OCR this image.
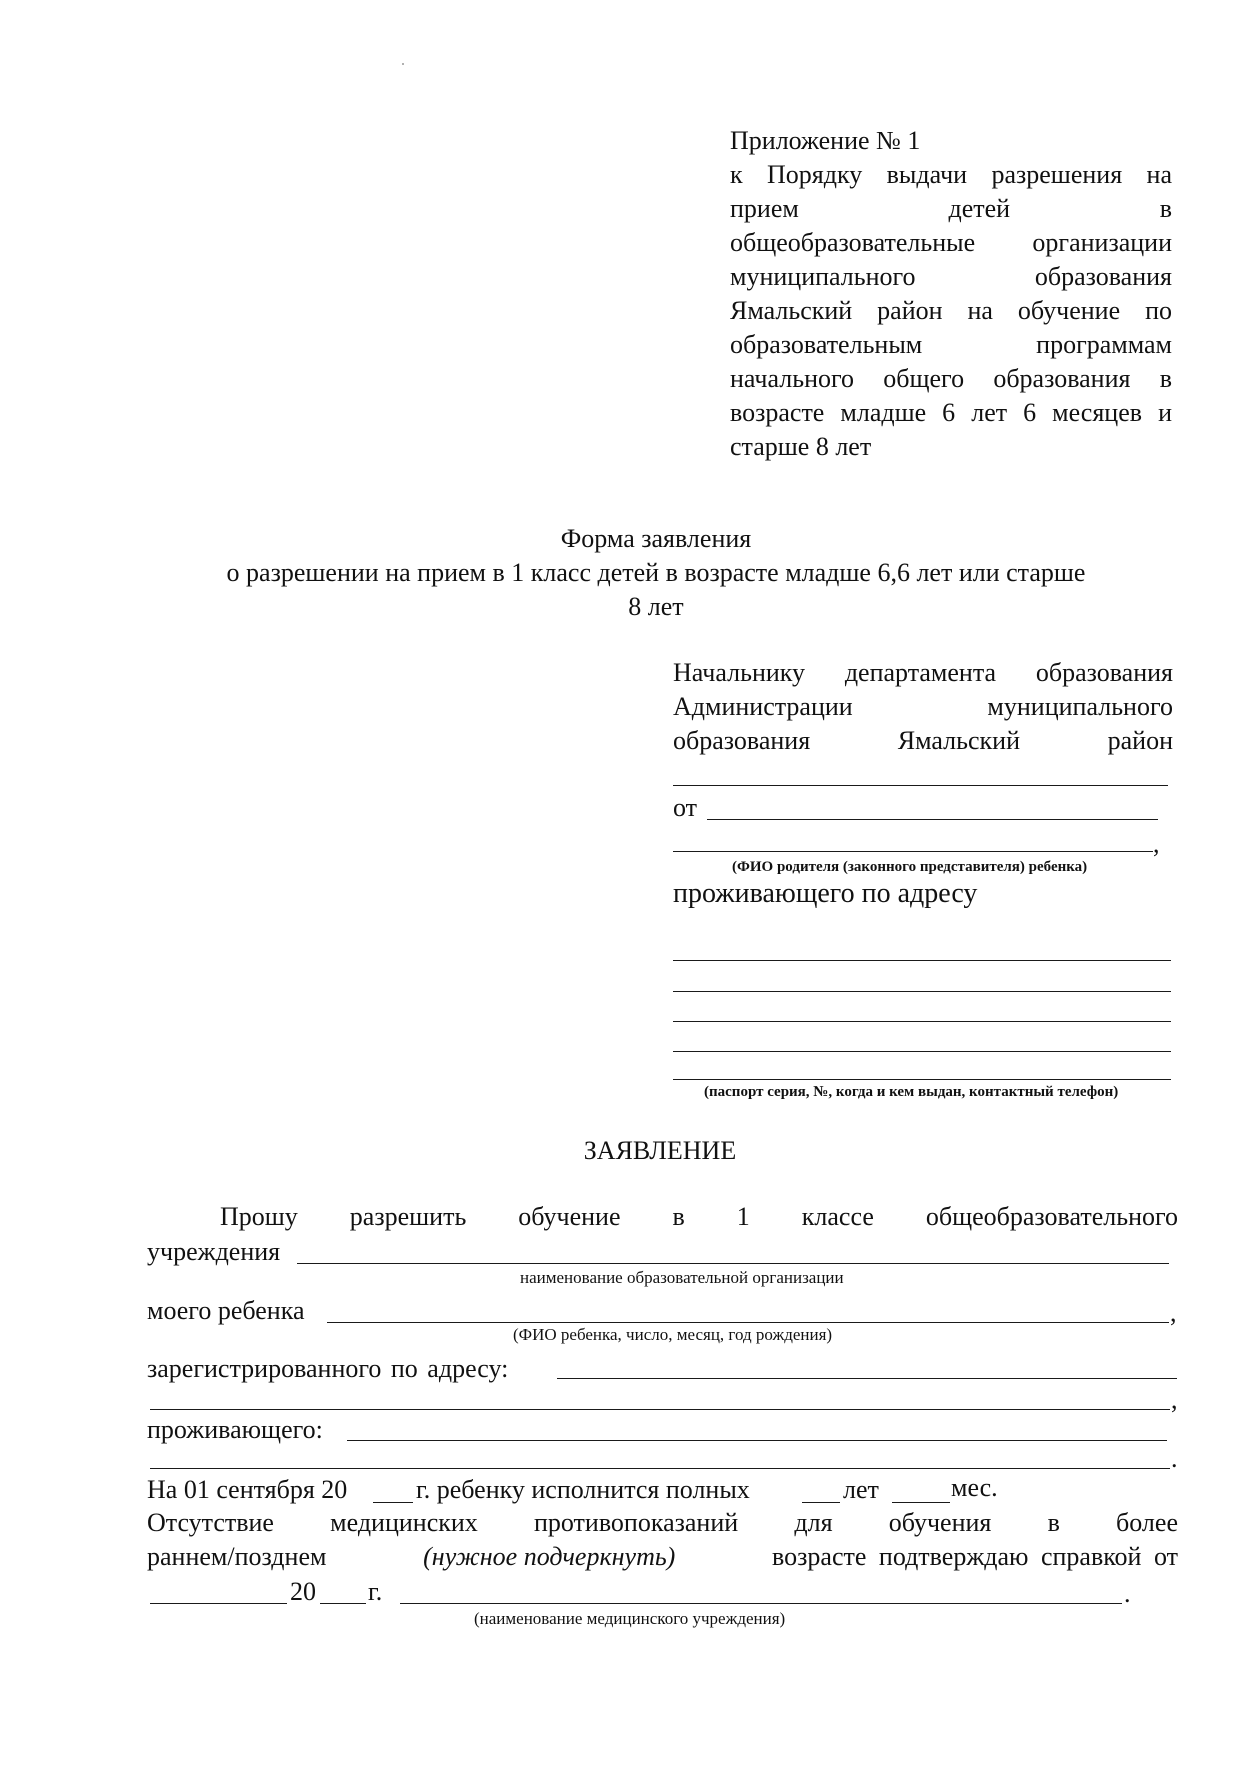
Приложение № 1
к Порядку выдачи разрешения на
прием детей в
общеобразовательные организации
муниципального образования
Ямальский район на обучение по
образовательным программам
начального общего образования в
возрасте младше 6 лет 6 месяцев и
старше 8 лет
Форма заявления
о разрешении на прием в 1 класс детей в возрасте младше 6,6 лет или старше
8 лет
Начальнику департамента образования
Администрации муниципального
образования Ямальский район
от
,
(ФИО родителя (законного представителя) ребенка)
проживающего по адресу
(паспорт серия, №, когда и кем выдан, контактный телефон)
ЗАЯВЛЕНИЕ
Прошу разрешить обучение в 1 классе общеобразовательного
учреждения
наименование образовательной организации
моего ребенка	,
(ФИО ребенка, число, месяц, год рождения)
зарегистрированного по адресу:
,
проживающего:
.
На 01 сентября 20	г. ребенку исполнится полных	лет	мес.
Отсутствие медицинских противопоказаний для обучения в более
раннем/позднем	(нужное подчеркнуть)	возрасте подтверждаю справкой от
20 г.	.
(наименование медицинского учреждения)
